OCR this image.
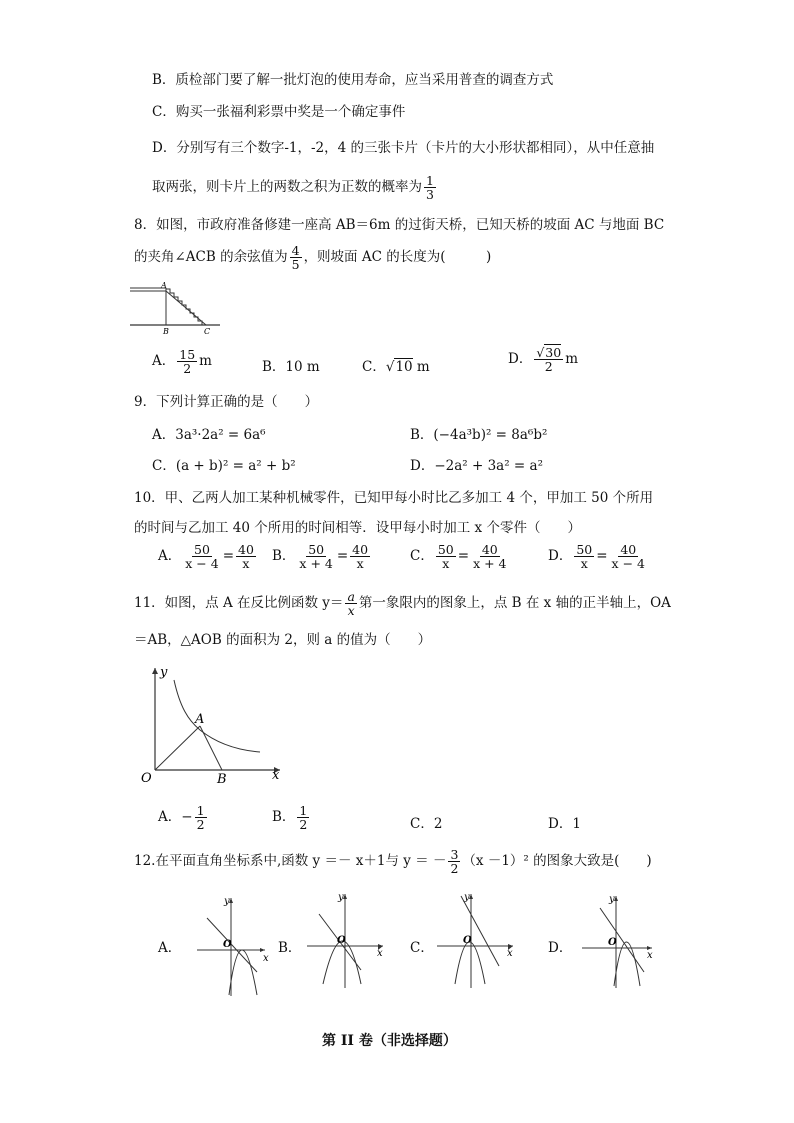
B．质检部门要了解一批灯泡的使用寿命，应当采用普查的调查方式
C．购买一张福利彩票中奖是一个确定事件
D．分别写有三个数字-1，-2，4 的三张卡片（卡片的大小形状都相同），从中任意抽
取两张，则卡片上的两数之积为正数的概率为 $\frac{1}{3}$
8．如图，市政府准备修建一座高 AB＝6m 的过街天桥，已知天桥的坡面 AC 与地面 BC
的夹角∠ACB 的余弦值为 $\frac{4}{5}$ ，则坡面 AC 的长度为(　　　)
A
B	C
A． $\frac{15}{2}$ m	B．10 m	C．√10 m	D． $\frac{√30}{2}$ m
9．下列计算正确的是（　　）
A．3a³·2a² = 6a⁶	B．(−4a³b)² = 8a⁶b²
C．(a + b)² = a² + b²	D．−2a² + 3a² = a²
10．甲、乙两人加工某种机械零件，已知甲每小时比乙多加工 4 个，甲加工 50 个所用
的时间与乙加工 40 个所用的时间相等．设甲每小时加工 x 个零件（　　）
A． $\frac{50}{x - 4} = \frac{40}{x}$ B． $\frac{50}{x + 4} = \frac{40}{x}$	C． $\frac{50}{x} = \frac{40}{x + 4}$	D． $\frac{50}{x} = \frac{40}{x - 4}$
11．如图，点 A 在反比例函数 $y= \frac{a}{x}$ 第一象限内的图象上，点 B 在 x 轴的正半轴上，OA
＝AB，△AOB 的面积为 2，则 a 的值为（　　）
y
A
O	B	x
A．− $\frac{1}{2}$	B． $\frac{1}{2}$	C．2	D．1
12.在平面直角坐标系中,函数 y ＝－ x＋1与 y ＝ － $\frac{3}{2} (x -1)^2$ 的图象大致是(　　)
A．
y
O
x
B．
y
O
x C．
y
O
x	D．
y
O
x
第 II 卷（非选择题）
